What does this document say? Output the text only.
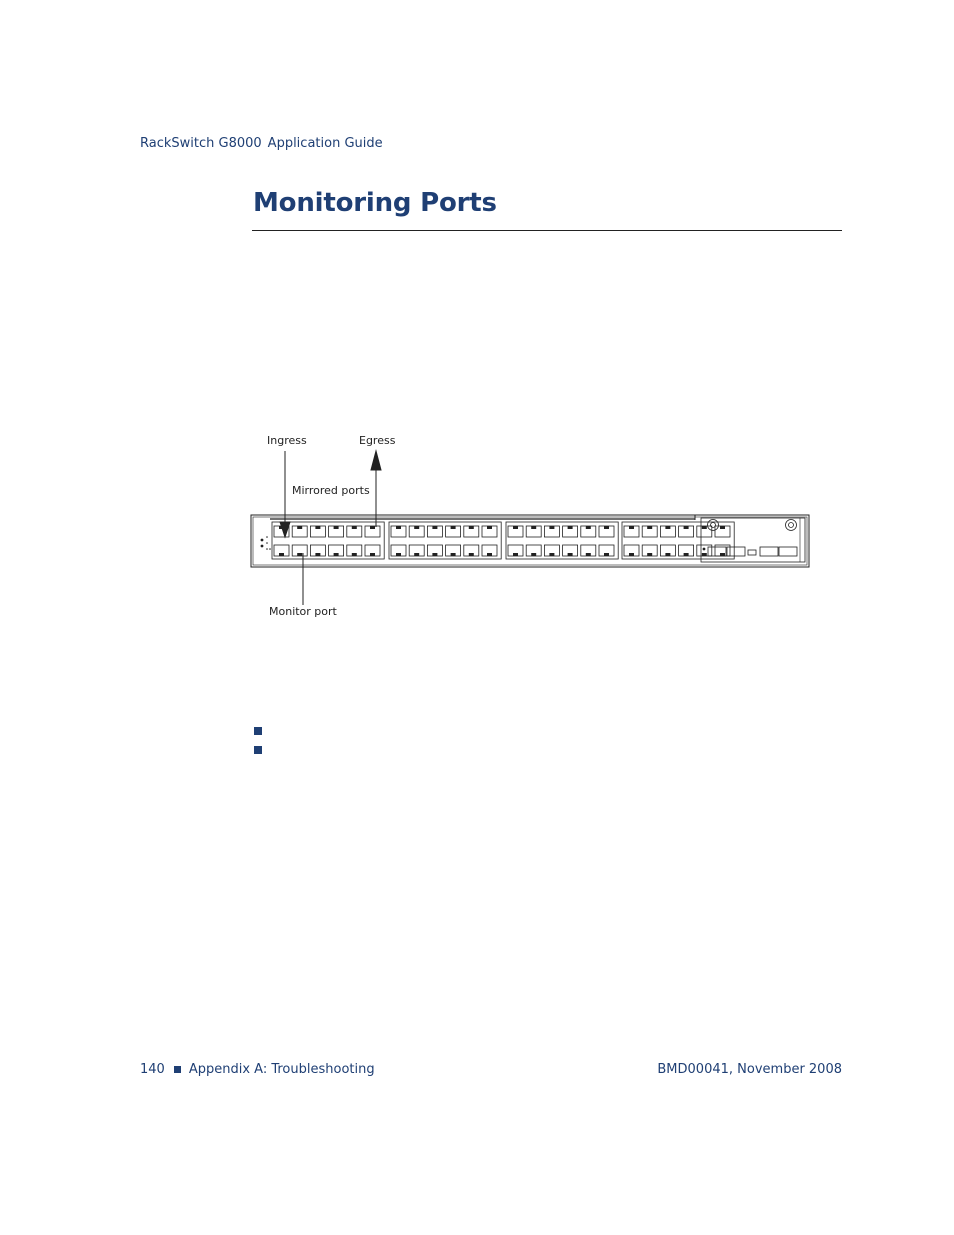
RackSwitch G8000 Application Guide
Monitoring Ports
Ingress	Egress
Mirrored ports
Monitor port
140 Appendix A: Troubleshooting	BMD00041, November 2008
